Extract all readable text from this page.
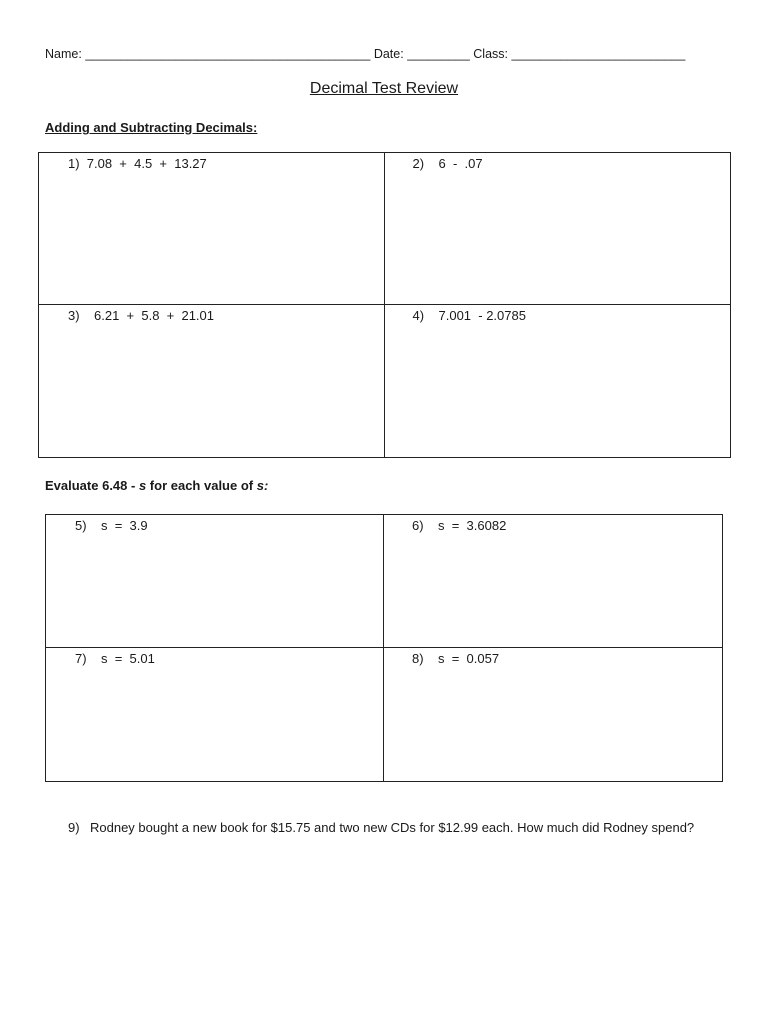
Name: _________________________________________ Date: _________ Class: _________________________
Decimal Test Review
Adding and Subtracting Decimals:
1)  7.08  +  4.5  +  13.27	2)    6  -  .07
3)    6.21  +  5.8  +  21.01	4)    7.001  - 2.0785
Evaluate 6.48 - s for each value of s:
5)    s  =  3.9	6)    s  =  3.6082
7)    s  =  5.01	8)    s  =  0.057
9) Rodney bought a new book for $15.75 and two new CDs for $12.99 each. How much did Rodney spend?
